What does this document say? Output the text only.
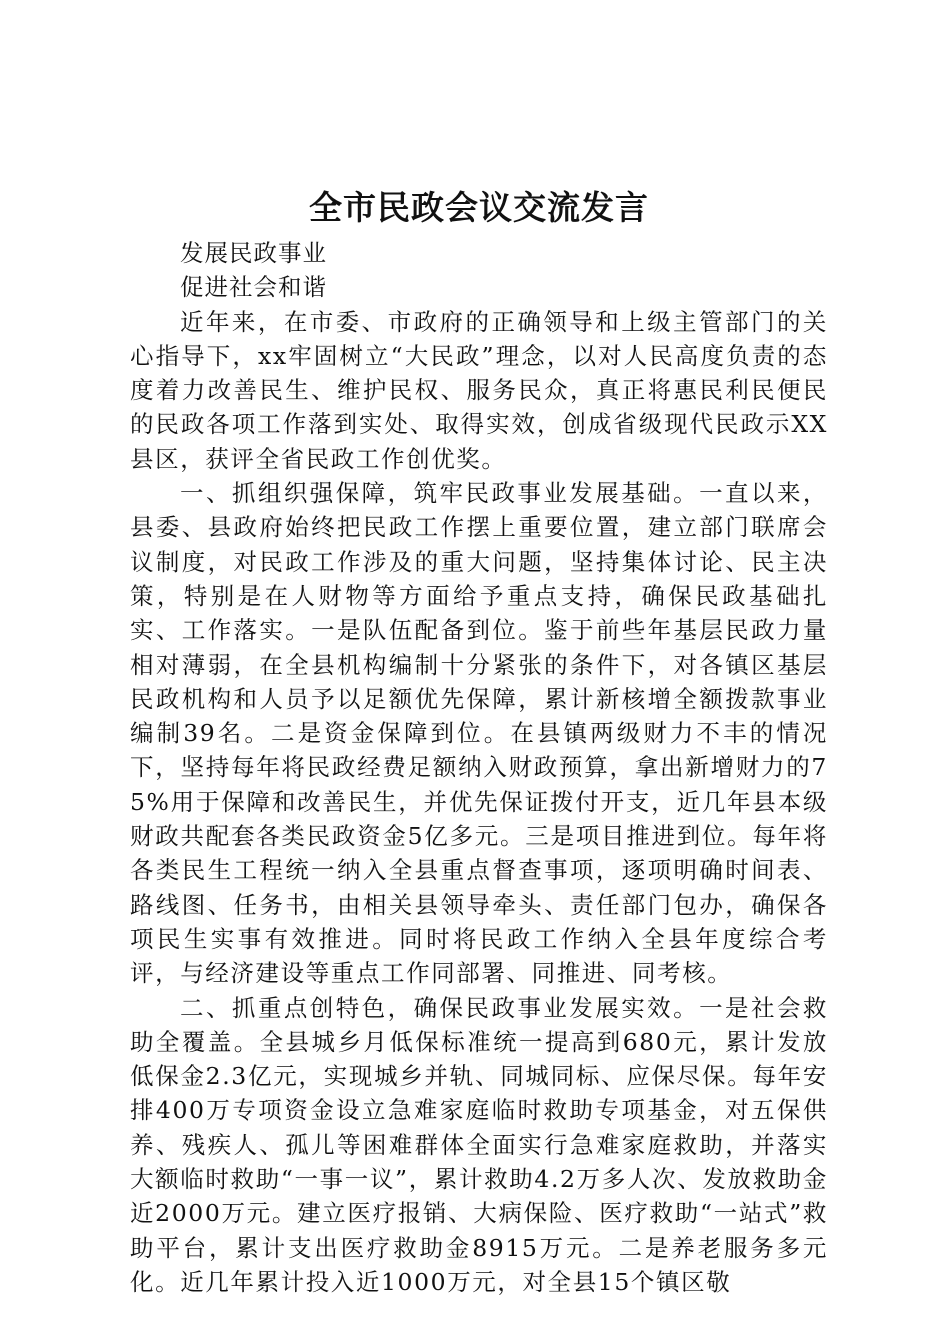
全市民政会议交流发言

发展民政事业

促进社会和谐

近年来，在市委、市政府的正确领导和上级主管部门的关心指导下，xx牢固树立“大民政”理念，以对人民高度负责的态度着力改善民生、维护民权、服务民众，真正将惠民利民便民的民政各项工作落到实处、取得实效，创成省级现代民政示XX县区，获评全省民政工作创优奖。

一、抓组织强保障，筑牢民政事业发展基础。一直以来，县委、县政府始终把民政工作摆上重要位置，建立部门联席会议制度，对民政工作涉及的重大问题，坚持集体讨论、民主决策，特别是在人财物等方面给予重点支持，确保民政基础扎实、工作落实。一是队伍配备到位。鉴于前些年基层民政力量相对薄弱，在全县机构编制十分紧张的条件下，对各镇区基层民政机构和人员予以足额优先保障，累计新核增全额拨款事业编制39名。二是资金保障到位。在县镇两级财力不丰的情况下，坚持每年将民政经费足额纳入财政预算，拿出新增财力的75%用于保障和改善民生，并优先保证拨付开支，近几年县本级财政共配套各类民政资金5亿多元。三是项目推进到位。每年将各类民生工程统一纳入全县重点督查事项，逐项明确时间表、路线图、任务书，由相关县领导牵头、责任部门包办，确保各项民生实事有效推进。同时将民政工作纳入全县年度综合考评，与经济建设等重点工作同部署、同推进、同考核。

二、抓重点创特色，确保民政事业发展实效。一是社会救助全覆盖。全县城乡月低保标准统一提高到680元，累计发放低保金2.3亿元，实现城乡并轨、同城同标、应保尽保。每年安排400万专项资金设立急难家庭临时救助专项基金，对五保供养、残疾人、孤儿等困难群体全面实行急难家庭救助，并落实大额临时救助“一事一议”，累计救助4.2万多人次、发放救助金近2000万元。建立医疗报销、大病保险、医疗救助“一站式”救助平台，累计支出医疗救助金8915万元。二是养老服务多元化。近几年累计投入近1000万元，对全县15个镇区敬
